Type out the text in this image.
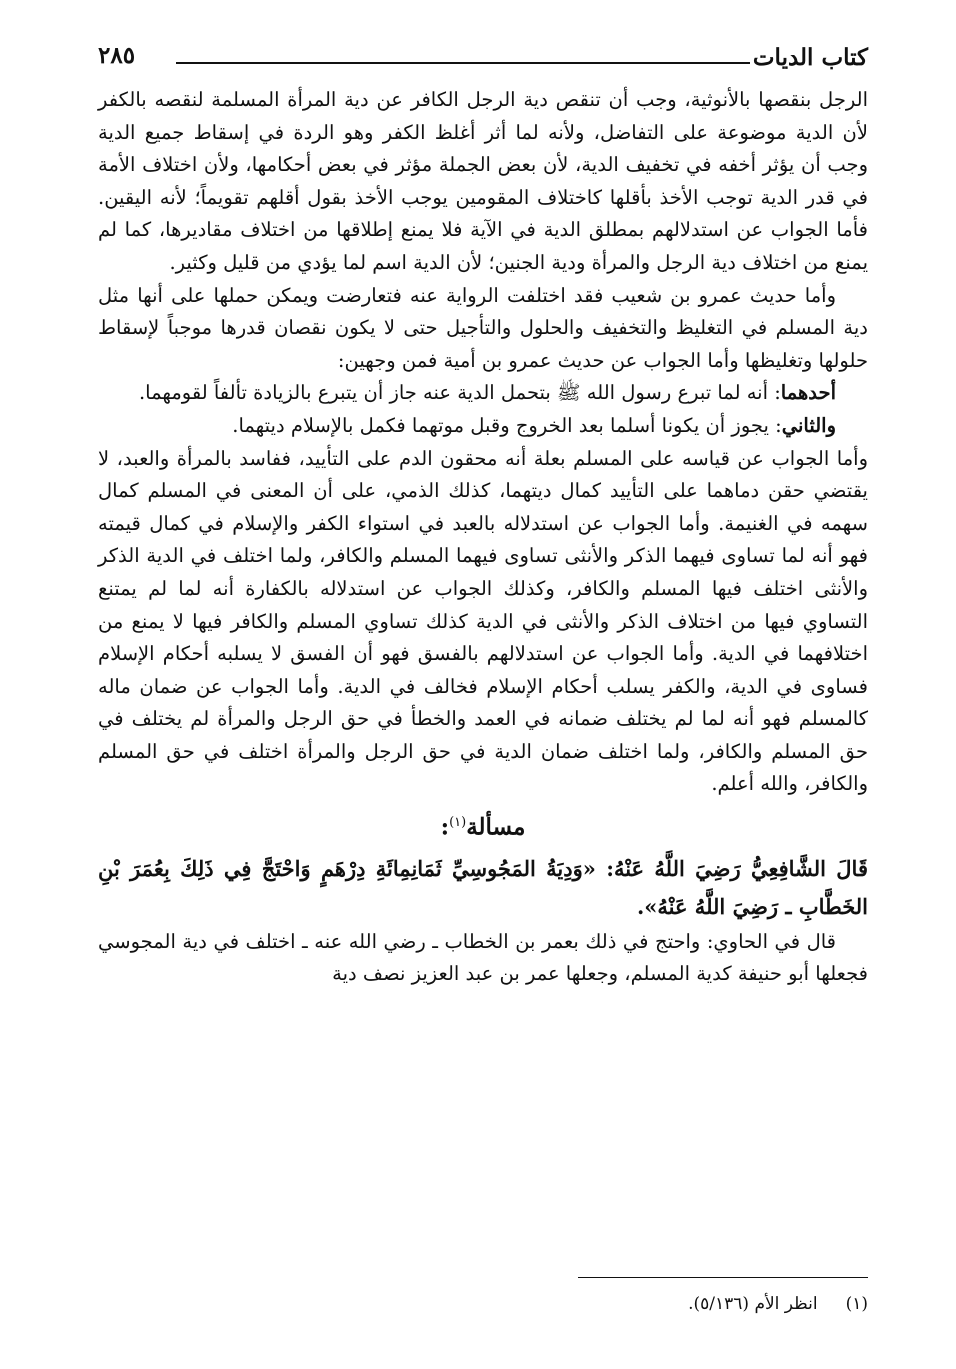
كتاب الديات
٢٨٥

الرجل بنقصها بالأنوثية، وجب أن تنقص دية الرجل الكافر عن دية المرأة المسلمة لنقصه بالكفر لأن الدية موضوعة على التفاضل، ولأنه لما أثر أغلظ الكفر وهو الردة في إسقاط جميع الدية وجب أن يؤثر أخفه في تخفيف الدية، لأن بعض الجملة مؤثر في بعض أحكامها، ولأن اختلاف الأمة في قدر الدية توجب الأخذ بأقلها كاختلاف المقومين يوجب الأخذ بقول أقلهم تقويماً؛ لأنه اليقين. فأما الجواب عن استدلالهم بمطلق الدية في الآية فلا يمنع إطلاقها من اختلاف مقاديرها، كما لم يمنع من اختلاف دية الرجل والمرأة ودية الجنين؛ لأن الدية اسم لما يؤدي من قليل وكثير.

وأما حديث عمرو بن شعيب فقد اختلفت الرواية عنه فتعارضت ويمكن حملها على أنها مثل دية المسلم في التغليظ والتخفيف والحلول والتأجيل حتى لا يكون نقصان قدرها موجباً لإسقاط حلولها وتغليظها وأما الجواب عن حديث عمرو بن أمية فمن وجهين:

أحدهما: أنه لما تبرع رسول الله ﷺ بتحمل الدية عنه جاز أن يتبرع بالزيادة تألفاً لقومهما.

والثاني: يجوز أن يكونا أسلما بعد الخروج وقبل موتهما فكمل بالإسلام ديتهما.

وأما الجواب عن قياسه على المسلم بعلة أنه محقون الدم على التأييد، ففاسد بالمرأة والعبد، لا يقتضي حقن دماهما على التأييد كمال ديتهما، كذلك الذمي، على أن المعنى في المسلم كمال سهمه في الغنيمة. وأما الجواب عن استدلاله بالعبد في استواء الكفر والإسلام في كمال قيمته فهو أنه لما تساوى فيهما الذكر والأنثى تساوى فيهما المسلم والكافر، ولما اختلف في الدية الذكر والأنثى اختلف فيها المسلم والكافر، وكذلك الجواب عن استدلاله بالكفارة أنه لما لم يمتنع التساوي فيها من اختلاف الذكر والأنثى في الدية كذلك تساوي المسلم والكافر فيها لا يمنع من اختلافهما في الدية. وأما الجواب عن استدلالهم بالفسق فهو أن الفسق لا يسلبه أحكام الإسلام فساوى في الدية، والكفر يسلب أحكام الإسلام فخالف في الدية. وأما الجواب عن ضمان ماله كالمسلم فهو أنه لما لم يختلف ضمانه في العمد والخطأ في حق الرجل والمرأة لم يختلف في حق المسلم والكافر، ولما اختلف ضمان الدية في حق الرجل والمرأة اختلف في حق المسلم والكافر، والله أعلم.

مسألة$^{(١)}$:

قَالَ الشَّافِعِيُّ رَضِيَ اللَّهُ عَنْهُ: «وَدِيَةُ المَجُوسِيِّ ثَمَانِمِائَةِ دِرْهَمٍ وَاحْتَجَّ فِي ذَلِكَ بِعُمَرَ بْنِ الخَطَّابِ ـ رَضِيَ اللَّهُ عَنْهُ».

قال في الحاوي: واحتج في ذلك بعمر بن الخطاب ـ رضي الله عنه ـ اختلف في دية المجوسي فجعلها أبو حنيفة كدية المسلم، وجعلها عمر بن عبد العزيز نصف دية

(١)انظر الأم (٥/١٣٦).
